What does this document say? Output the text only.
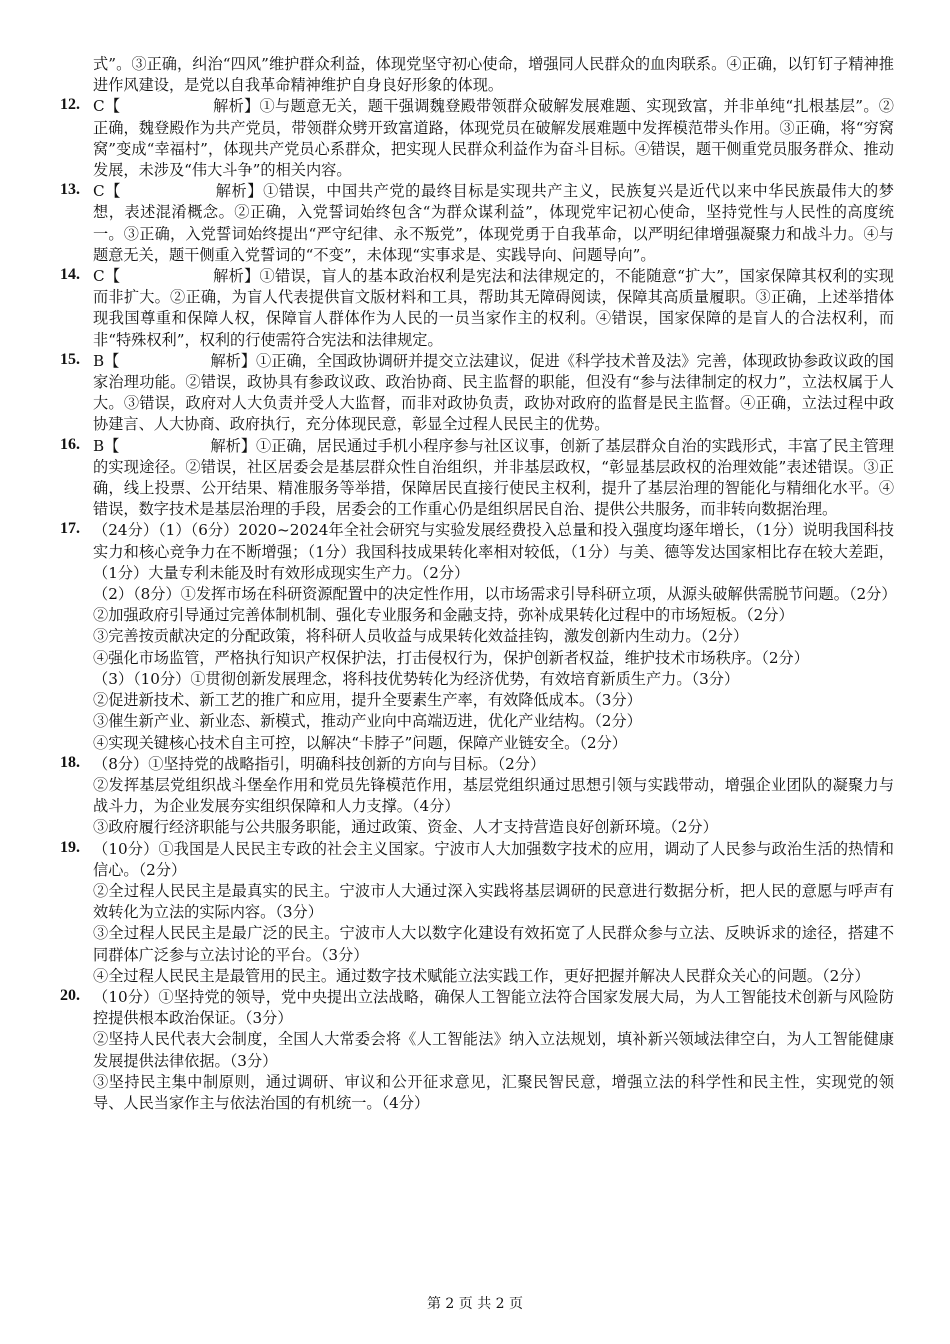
式”。③正确，纠治“四风”维护群众利益，体现党坚守初心使命，增强同人民群众的血肉联系。④正确，以钉钉子精神推进作风建设，是党以自我革命精神维护自身良好形象的体现。

12. C【　　　　　　解析】①与题意无关，题干强调魏登殿带领群众破解发展难题、实现致富，并非单纯“扎根基层”。②正确，魏登殿作为共产党员，带领群众劈开致富道路，体现党员在破解发展难题中发挥模范带头作用。③正确，将“穷窝窝”变成“幸福村”，体现共产党员心系群众，把实现人民群众利益作为奋斗目标。④错误，题干侧重党员服务群众、推动发展，未涉及“伟大斗争”的相关内容。

13. C【　　　　　　解析】①错误，中国共产党的最终目标是实现共产主义，民族复兴是近代以来中华民族最伟大的梦想，表述混淆概念。②正确，入党誓词始终包含“为群众谋利益”，体现党牢记初心使命，坚持党性与人民性的高度统一。③正确，入党誓词始终提出“严守纪律、永不叛党”，体现党勇于自我革命，以严明纪律增强凝聚力和战斗力。④与题意无关，题干侧重入党誓词的“不变”，未体现“实事求是、实践导向、问题导向”。

14. C【　　　　　　解析】①错误，盲人的基本政治权利是宪法和法律规定的，不能随意“扩大”，国家保障其权利的实现而非扩大。②正确，为盲人代表提供盲文版材料和工具，帮助其无障碍阅读，保障其高质量履职。③正确，上述举措体现我国尊重和保障人权，保障盲人群体作为人民的一员当家作主的权利。④错误，国家保障的是盲人的合法权利，而非“特殊权利”，权利的行使需符合宪法和法律规定。

15. B【　　　　　　解析】①正确，全国政协调研并提交立法建议，促进《科学技术普及法》完善，体现政协参政议政的国家治理功能。②错误，政协具有参政议政、政治协商、民主监督的职能，但没有“参与法律制定的权力”，立法权属于人大。③错误，政府对人大负责并受人大监督，而非对政协负责，政协对政府的监督是民主监督。④正确，立法过程中政协建言、人大协商、政府执行，充分体现民意，彰显全过程人民民主的优势。

16. B【　　　　　　解析】①正确，居民通过手机小程序参与社区议事，创新了基层群众自治的实践形式，丰富了民主管理的实现途径。②错误，社区居委会是基层群众性自治组织，并非基层政权，“彰显基层政权的治理效能”表述错误。③正确，线上投票、公开结果、精准服务等举措，保障居民直接行使民主权利，提升了基层治理的智能化与精细化水平。④错误，数字技术是基层治理的手段，居委会的工作重心仍是组织居民自治、提供公共服务，而非转向数据治理。

17. （24分）（1）（6分）2020~2024年全社会研究与实验发展经费投入总量和投入强度均逐年增长，（1分）说明我国科技实力和核心竞争力在不断增强；（1分）我国科技成果转化率相对较低，（1分）与美、德等发达国家相比存在较大差距，（1分）大量专利未能及时有效形成现实生产力。（2分）

（2）（8分）①发挥市场在科研资源配置中的决定性作用，以市场需求引导科研立项，从源头破解供需脱节问题。（2分）

②加强政府引导通过完善体制机制、强化专业服务和金融支持，弥补成果转化过程中的市场短板。（2分）

③完善按贡献决定的分配政策，将科研人员收益与成果转化效益挂钩，激发创新内生动力。（2分）

④强化市场监管，严格执行知识产权保护法，打击侵权行为，保护创新者权益，维护技术市场秩序。（2分）

（3）（10分）①贯彻创新发展理念，将科技优势转化为经济优势，有效培育新质生产力。（3分）

②促进新技术、新工艺的推广和应用，提升全要素生产率，有效降低成本。（3分）

③催生新产业、新业态、新模式，推动产业向中高端迈进，优化产业结构。（2分）

④实现关键核心技术自主可控，以解决“卡脖子”问题，保障产业链安全。（2分）

18. （8分）①坚持党的战略指引，明确科技创新的方向与目标。（2分）

②发挥基层党组织战斗堡垒作用和党员先锋模范作用，基层党组织通过思想引领与实践带动，增强企业团队的凝聚力与战斗力，为企业发展夯实组织保障和人力支撑。（4分）

③政府履行经济职能与公共服务职能，通过政策、资金、人才支持营造良好创新环境。（2分）

19. （10分）①我国是人民民主专政的社会主义国家。宁波市人大加强数字技术的应用，调动了人民参与政治生活的热情和信心。（2分）

②全过程人民民主是最真实的民主。宁波市人大通过深入实践将基层调研的民意进行数据分析，把人民的意愿与呼声有效转化为立法的实际内容。（3分）

③全过程人民民主是最广泛的民主。宁波市人大以数字化建设有效拓宽了人民群众参与立法、反映诉求的途径，搭建不同群体广泛参与立法讨论的平台。（3分）

④全过程人民民主是最管用的民主。通过数字技术赋能立法实践工作，更好把握并解决人民群众关心的问题。（2分）

20. （10分）①坚持党的领导，党中央提出立法战略，确保人工智能立法符合国家发展大局，为人工智能技术创新与风险防控提供根本政治保证。（3分）

②坚持人民代表大会制度，全国人大常委会将《人工智能法》纳入立法规划，填补新兴领域法律空白，为人工智能健康发展提供法律依据。（3分）

③坚持民主集中制原则，通过调研、审议和公开征求意见，汇聚民智民意，增强立法的科学性和民主性，实现党的领导、人民当家作主与依法治国的有机统一。（4分）

第 2 页 共 2 页
